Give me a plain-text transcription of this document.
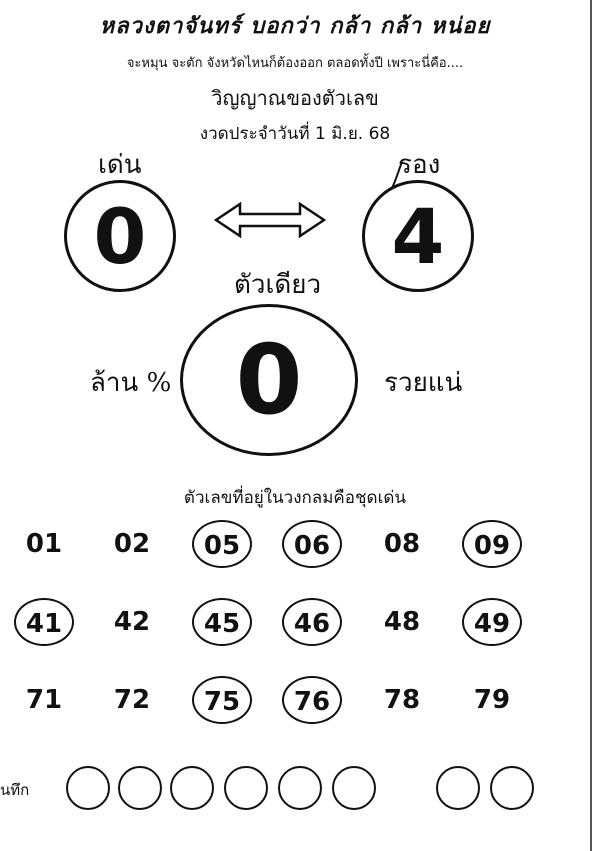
หลวงตาจันทร์ บอกว่า กล้า กล้า หน่อย
จะหมุน จะตัก จังหวัดไหนก็ต้องออก ตลอดทั้งปี เพราะนี่คือ....
วิญญาณของตัวเลข
งวดประจำวันที่ 1 มิ.ย. 68
เด่น
0
รอง
4
ตัวเดียว
0
ล้าน %	รวยแน่
ตัวเลขที่อยู่ในวงกลมคือชุดเด่น
01	02	05	06	08	09
41	42	45	46	48	49
71	72	75	76	78	79
นทึก
